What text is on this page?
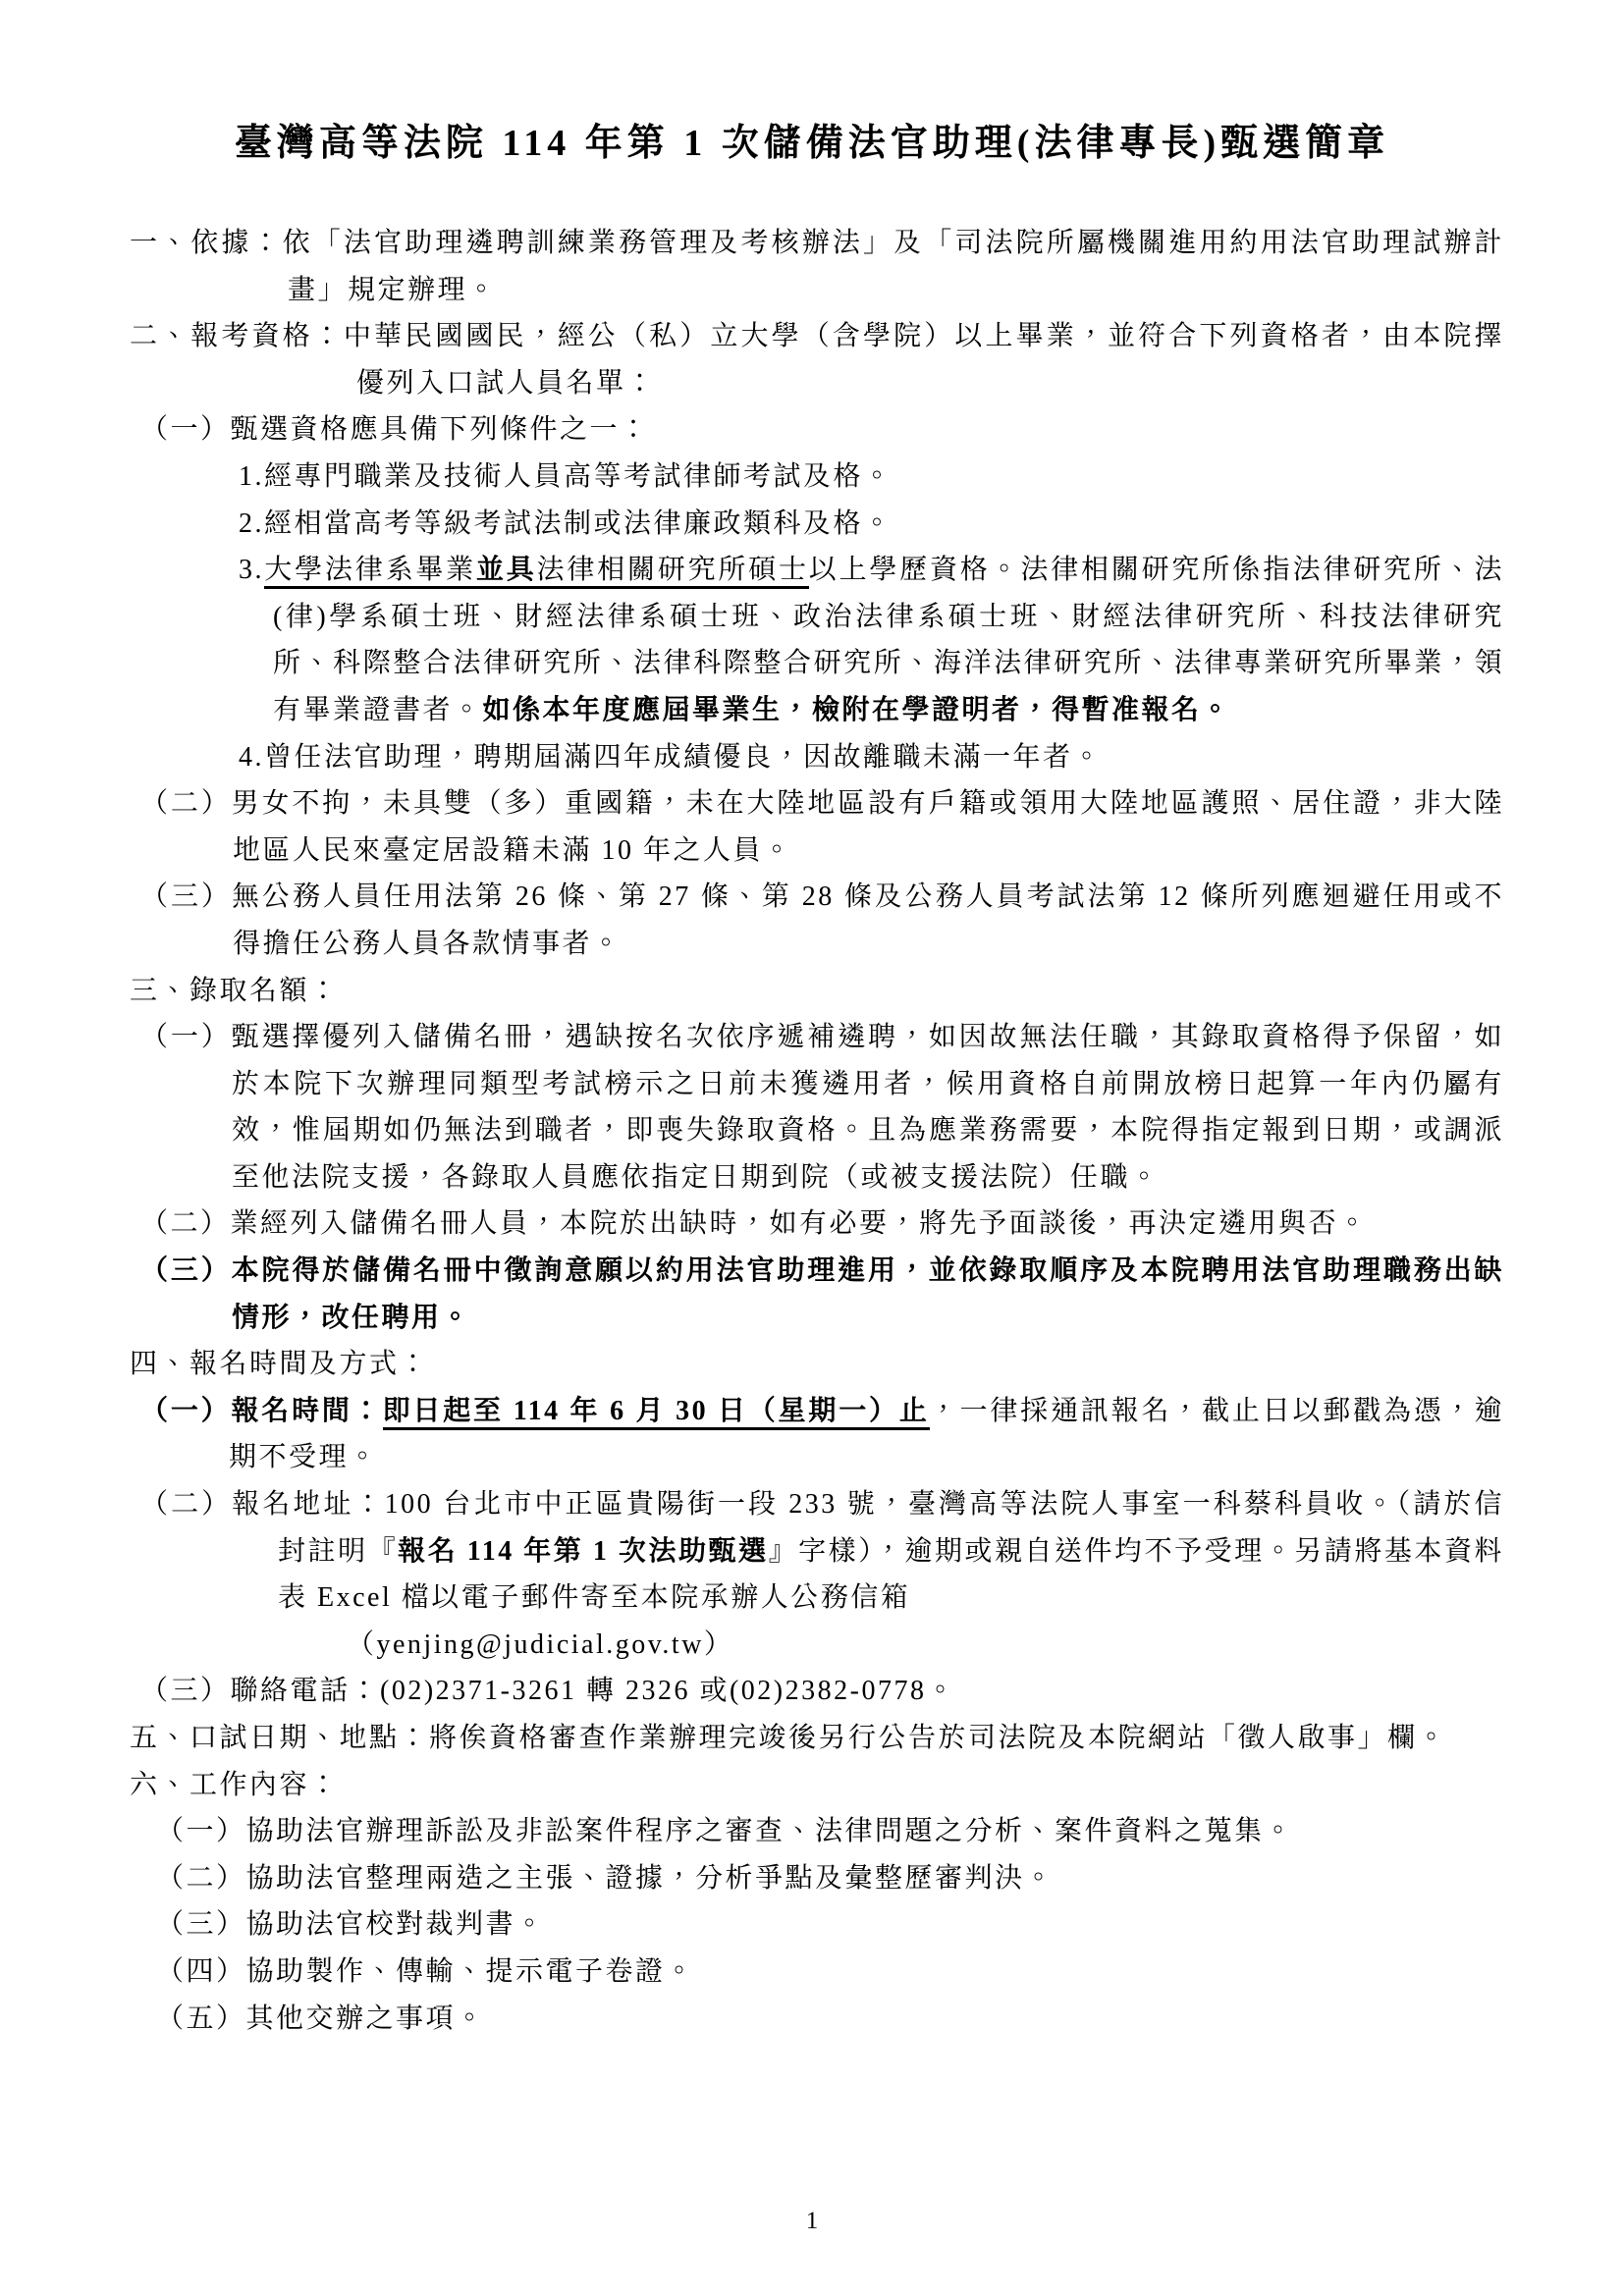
臺灣高等法院 114 年第 1 次儲備法官助理(法律專長)甄選簡章

一、依據：依「法官助理遴聘訓練業務管理及考核辦法」及「司法院所屬機關進用約用法官助理試辦計畫」規定辦理。

二、報考資格：中華民國國民，經公（私）立大學（含學院）以上畢業，並符合下列資格者，由本院擇優列入口試人員名單：

（一）甄選資格應具備下列條件之一：

1.經專門職業及技術人員高等考試律師考試及格。

2.經相當高考等級考試法制或法律廉政類科及格。

3.大學法律系畢業並具法律相關研究所碩士以上學歷資格。法律相關研究所係指法律研究所、法(律)學系碩士班、財經法律系碩士班、政治法律系碩士班、財經法律研究所、科技法律研究所、科際整合法律研究所、法律科際整合研究所、海洋法律研究所、法律專業研究所畢業，領有畢業證書者。如係本年度應屆畢業生，檢附在學證明者，得暫准報名。

4.曾任法官助理，聘期屆滿四年成績優良，因故離職未滿一年者。

（二）男女不拘，未具雙（多）重國籍，未在大陸地區設有戶籍或領用大陸地區護照、居住證，非大陸地區人民來臺定居設籍未滿 10 年之人員。

（三）無公務人員任用法第 26 條、第 27 條、第 28 條及公務人員考試法第 12 條所列應迴避任用或不得擔任公務人員各款情事者。

三、錄取名額：

（一）甄選擇優列入儲備名冊，遇缺按名次依序遞補遴聘，如因故無法任職，其錄取資格得予保留，如於本院下次辦理同類型考試榜示之日前未獲遴用者，候用資格自前開放榜日起算一年內仍屬有效，惟屆期如仍無法到職者，即喪失錄取資格。且為應業務需要，本院得指定報到日期，或調派至他法院支援，各錄取人員應依指定日期到院（或被支援法院）任職。

（二）業經列入儲備名冊人員，本院於出缺時，如有必要，將先予面談後，再決定遴用與否。

（三）本院得於儲備名冊中徵詢意願以約用法官助理進用，並依錄取順序及本院聘用法官助理職務出缺情形，改任聘用。

四、報名時間及方式：

（一）報名時間：即日起至 114 年 6 月 30 日（星期一）止，一律採通訊報名，截止日以郵戳為憑，逾期不受理。

（二）報名地址：100 台北市中正區貴陽街一段 233 號，臺灣高等法院人事室一科蔡科員收。（請於信封註明『報名 114 年第 1 次法助甄選』字樣），逾期或親自送件均不予受理。另請將基本資料表 Excel 檔以電子郵件寄至本院承辦人公務信箱

（yenjing@judicial.gov.tw）

（三）聯絡電話：(02)2371-3261 轉 2326 或(02)2382-0778。

五、口試日期、地點：將俟資格審查作業辦理完竣後另行公告於司法院及本院網站「徵人啟事」欄。

六、工作內容：

（一）協助法官辦理訴訟及非訟案件程序之審查、法律問題之分析、案件資料之蒐集。

（二）協助法官整理兩造之主張、證據，分析爭點及彙整歷審判決。

（三）協助法官校對裁判書。

（四）協助製作、傳輸、提示電子卷證。

（五）其他交辦之事項。

1
